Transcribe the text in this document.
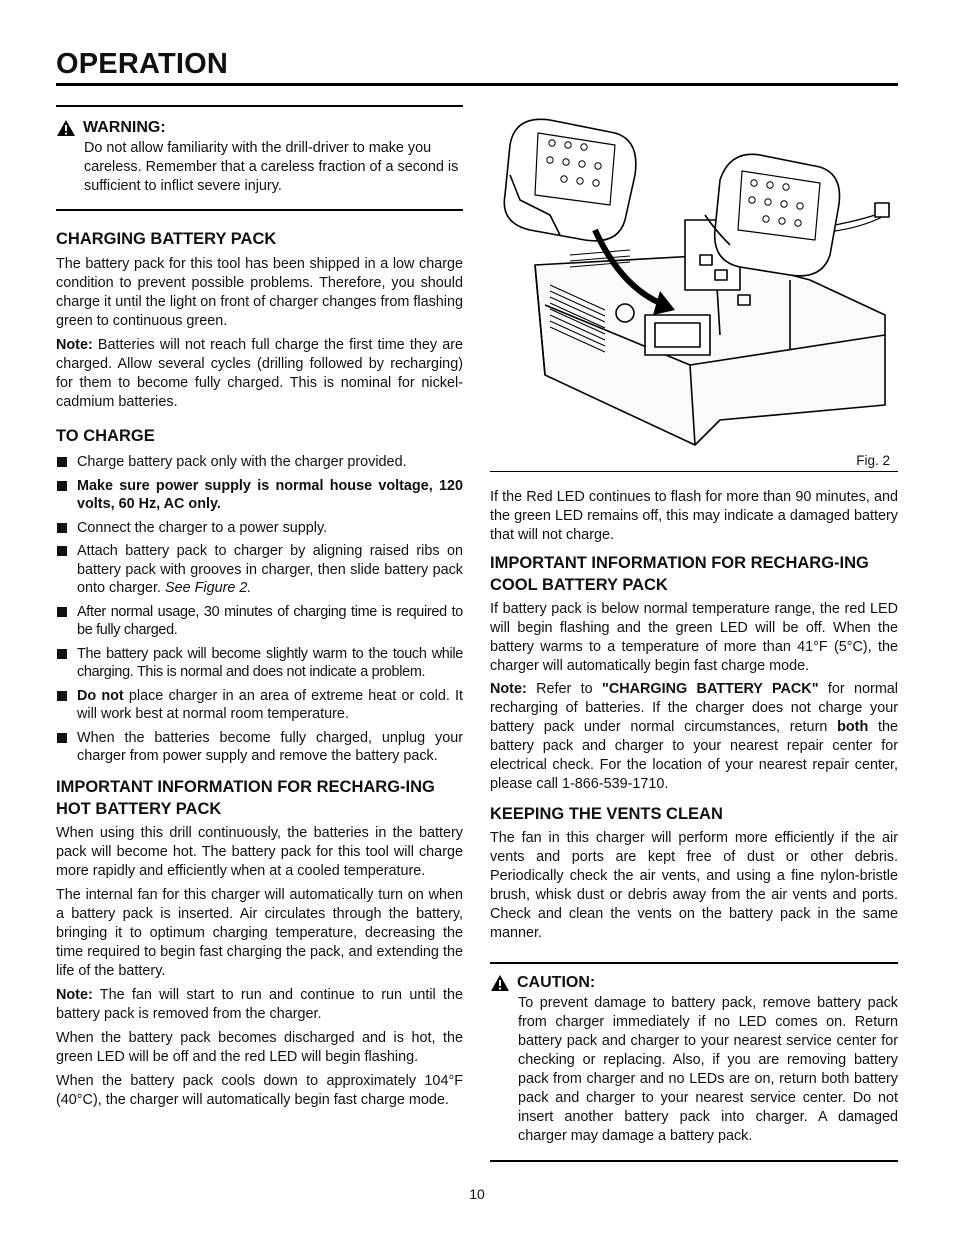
OPERATION
WARNING:
Do not allow familiarity with the drill-driver to make you careless. Remember that a careless fraction of a second is sufficient to inflict severe injury.
CHARGING BATTERY PACK

The battery pack for this tool has been shipped in a low charge condition to prevent possible problems. Therefore, you should charge it until the light on front of charger changes from flashing green to continuous green.

Note: Batteries will not reach full charge the first time they are charged. Allow several cycles (drilling followed by recharging) for them to become fully charged. This is nominal for nickel-cadmium batteries.

TO CHARGE
Charge battery pack only with the charger provided.
Make sure power supply is normal house voltage, 120 volts, 60 Hz, AC only.
Connect the charger to a power supply.
Attach battery pack to charger by aligning raised ribs on battery pack with grooves in charger, then slide battery pack onto charger. See Figure 2.
After normal usage, 30 minutes of charging time is required to be fully charged.
The battery pack will become slightly warm to the touch while charging. This is normal and does not indicate a problem.
Do not place charger in an area of extreme heat or cold. It will work best at normal room temperature.
When the batteries become fully charged, unplug your charger from power supply and remove the battery pack.
IMPORTANT INFORMATION FOR RECHARG-ING HOT BATTERY PACK

When using this drill continuously, the batteries in the battery pack will become hot. The battery pack for this tool will charge more rapidly and efficiently when at a cooled temperature.

The internal fan for this charger will automatically turn on when a battery pack is inserted. Air circulates through the battery, bringing it to optimum charging temperature, decreasing the time required to begin fast charging the pack, and extending the life of the battery.

Note: The fan will start to run and continue to run until the battery pack is removed from the charger.

When the battery pack becomes discharged and is hot, the green LED will be off and the red LED will begin flashing.

When the battery pack cools down to approximately 104°F (40°C), the charger will automatically begin fast charge mode.

Fig. 2

If the Red LED continues to flash for more than 90 minutes, and the green LED remains off, this may indicate a damaged battery that will not charge.

IMPORTANT INFORMATION FOR RECHARG-ING COOL BATTERY PACK

If battery pack is below normal temperature range, the red LED will begin flashing and the green LED will be off. When the battery warms to a temperature of more than 41°F (5°C), the charger will automatically begin fast charge mode.

Note: Refer to "CHARGING BATTERY PACK" for normal recharging of batteries. If the charger does not charge your battery pack under normal circumstances, return both the battery pack and charger to your nearest repair center for electrical check. For the location of your nearest repair center, please call 1-866-539-1710.

KEEPING THE VENTS CLEAN

The fan in this charger will perform more efficiently if the air vents and ports are kept free of dust or other debris. Periodically check the air vents, and using a fine nylon-bristle brush, whisk dust or debris away from the air vents and ports. Check and clean the vents on the battery pack in the same manner.

CAUTION:
To prevent damage to battery pack, remove battery pack from charger immediately if no LED comes on. Return battery pack and charger to your nearest service center for checking or replacing. Also, if you are removing battery pack from charger and no LEDs are on, return both battery pack and charger to your nearest service center. Do not insert another battery pack into charger. A damaged charger may damage a battery pack.
10
